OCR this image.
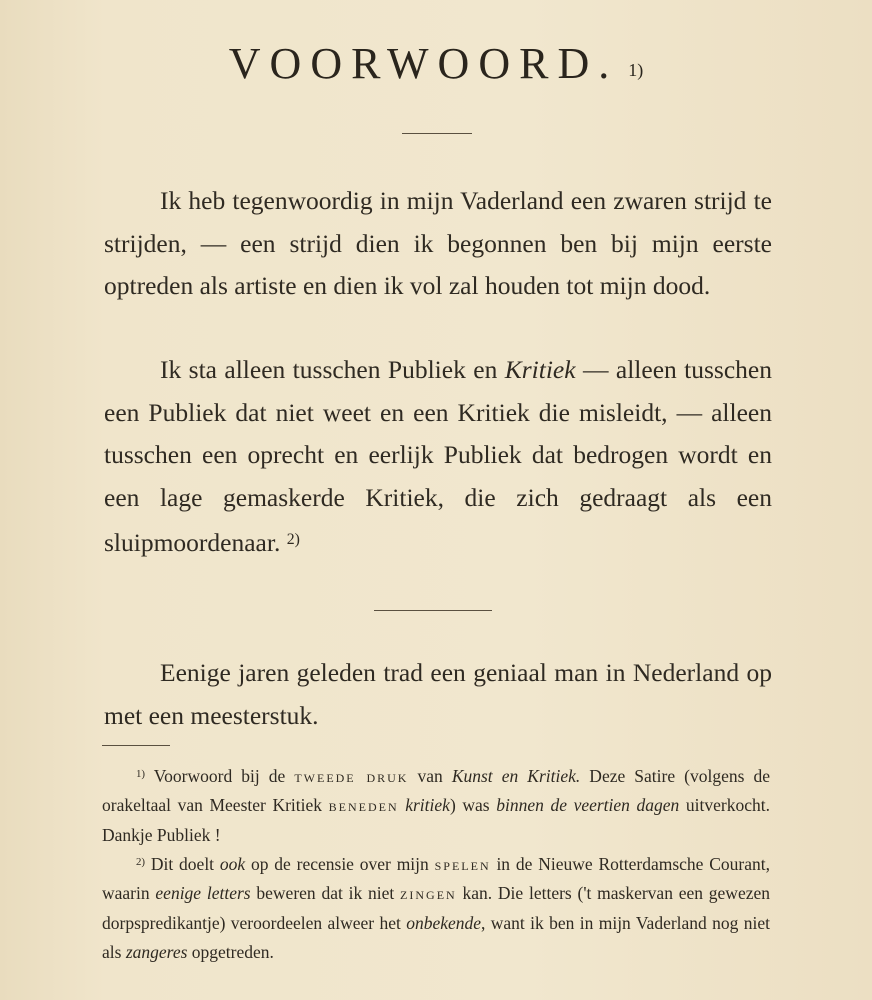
VOORWOORD. $^{1)}$

Ik heb tegenwoordig in mijn Vaderland een zwaren strijd te strijden, — een strijd dien ik begonnen ben bij mijn eerste optreden als artiste en dien ik vol zal houden tot mijn dood.

Ik sta alleen tusschen Publiek en Kritiek — alleen tusschen een Publiek dat niet weet en een Kritiek die misleidt, — alleen tusschen een oprecht en eerlijk Publiek dat bedrogen wordt en een lage gemaskerde Kritiek, die zich gedraagt als een sluipmoordenaar. $^{2)}$

Eenige jaren geleden trad een geniaal man in Nederland op met een meesterstuk.

$^{1)}$ Voorwoord bij de tweede druk van Kunst en Kritiek. Deze Satire (volgens de orakeltaal van Meester Kritiek beneden kritiek) was binnen de veertien dagen uitverkocht. Dankje Publiek !

$^{2)}$ Dit doelt ook op de recensie over mijn spelen in de Nieuwe Rotterdamsche Courant, waarin eenige letters beweren dat ik niet zingen kan. Die letters ('t maskervan een gewezen dorpspredikantje) veroordeelen alweer het onbekende, want ik ben in mijn Vaderland nog niet als zangeres opgetreden.
